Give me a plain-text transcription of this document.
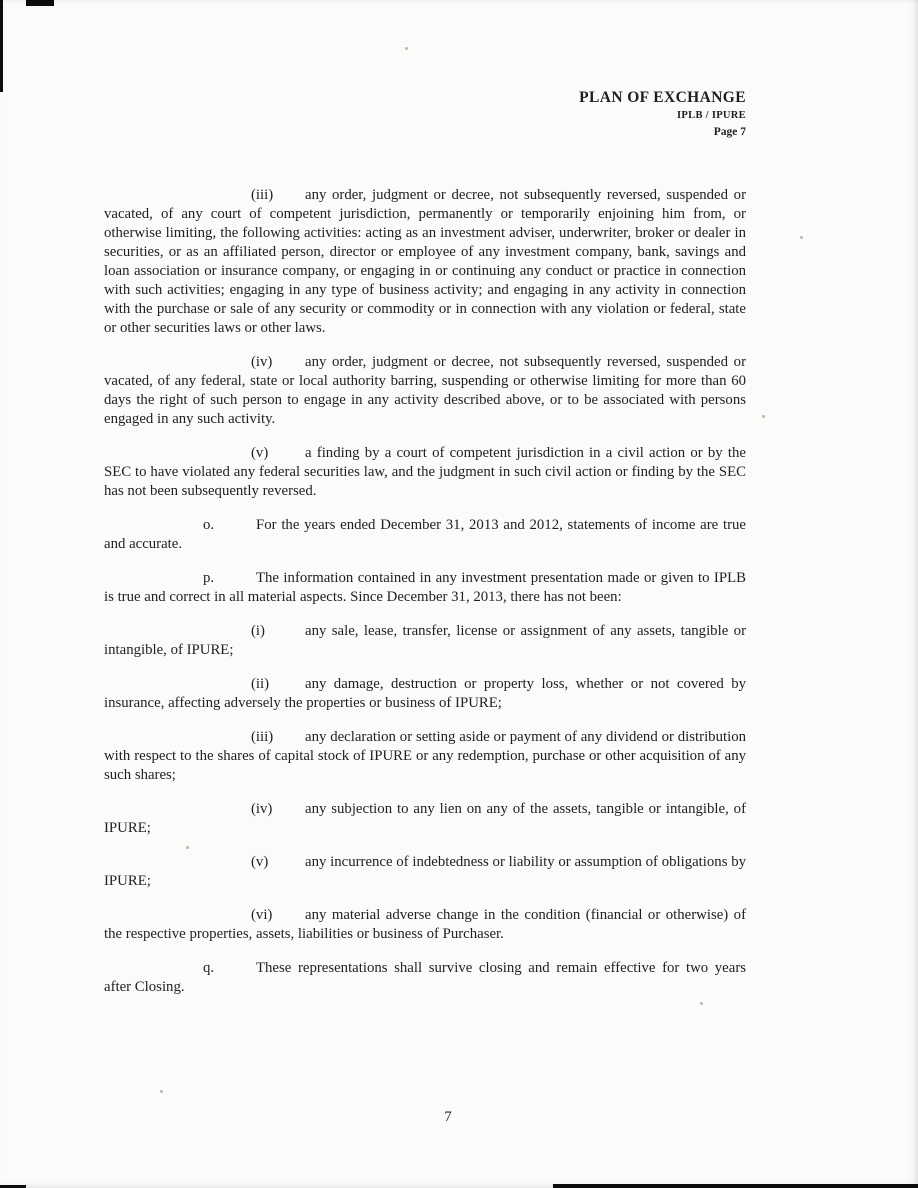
PLAN OF EXCHANGE
IPLB / IPURE
Page 7

(iii) any order, judgment or decree, not subsequently reversed, suspended or vacated, of any court of competent jurisdiction, permanently or temporarily enjoining him from, or otherwise limiting, the following activities: acting as an investment adviser, underwriter, broker or dealer in securities, or as an affiliated person, director or employee of any investment company, bank, savings and loan association or insurance company, or engaging in or continuing any conduct or practice in connection with such activities; engaging in any type of business activity; and engaging in any activity in connection with the purchase or sale of any security or commodity or in connection with any violation or federal, state or other securities laws or other laws.

(iv) any order, judgment or decree, not subsequently reversed, suspended or vacated, of any federal, state or local authority barring, suspending or otherwise limiting for more than 60 days the right of such person to engage in any activity described above, or to be associated with persons engaged in any such activity.

(v) a finding by a court of competent jurisdiction in a civil action or by the SEC to have violated any federal securities law, and the judgment in such civil action or finding by the SEC has not been subsequently reversed.

o.	For the years ended December 31, 2013 and 2012, statements of income are true and accurate.

p.	The information contained in any investment presentation made or given to IPLB is true and correct in all material aspects. Since December 31, 2013, there has not been:

(i)	any sale, lease, transfer, license or assignment of any assets, tangible or intangible, of IPURE;

(ii) any damage, destruction or property loss, whether or not covered by insurance, affecting adversely the properties or business of IPURE;

(iii) any declaration or setting aside or payment of any dividend or distribution with respect to the shares of capital stock of IPURE or any redemption, purchase or other acquisition of any such shares;

(iv) any subjection to any lien on any of the assets, tangible or intangible, of IPURE;

(v) any incurrence of indebtedness or liability or assumption of obligations by IPURE;

(vi) any material adverse change in the condition (financial or otherwise) of the respective properties, assets, liabilities or business of Purchaser.

q.	These representations shall survive closing and remain effective for two years after Closing.

7
